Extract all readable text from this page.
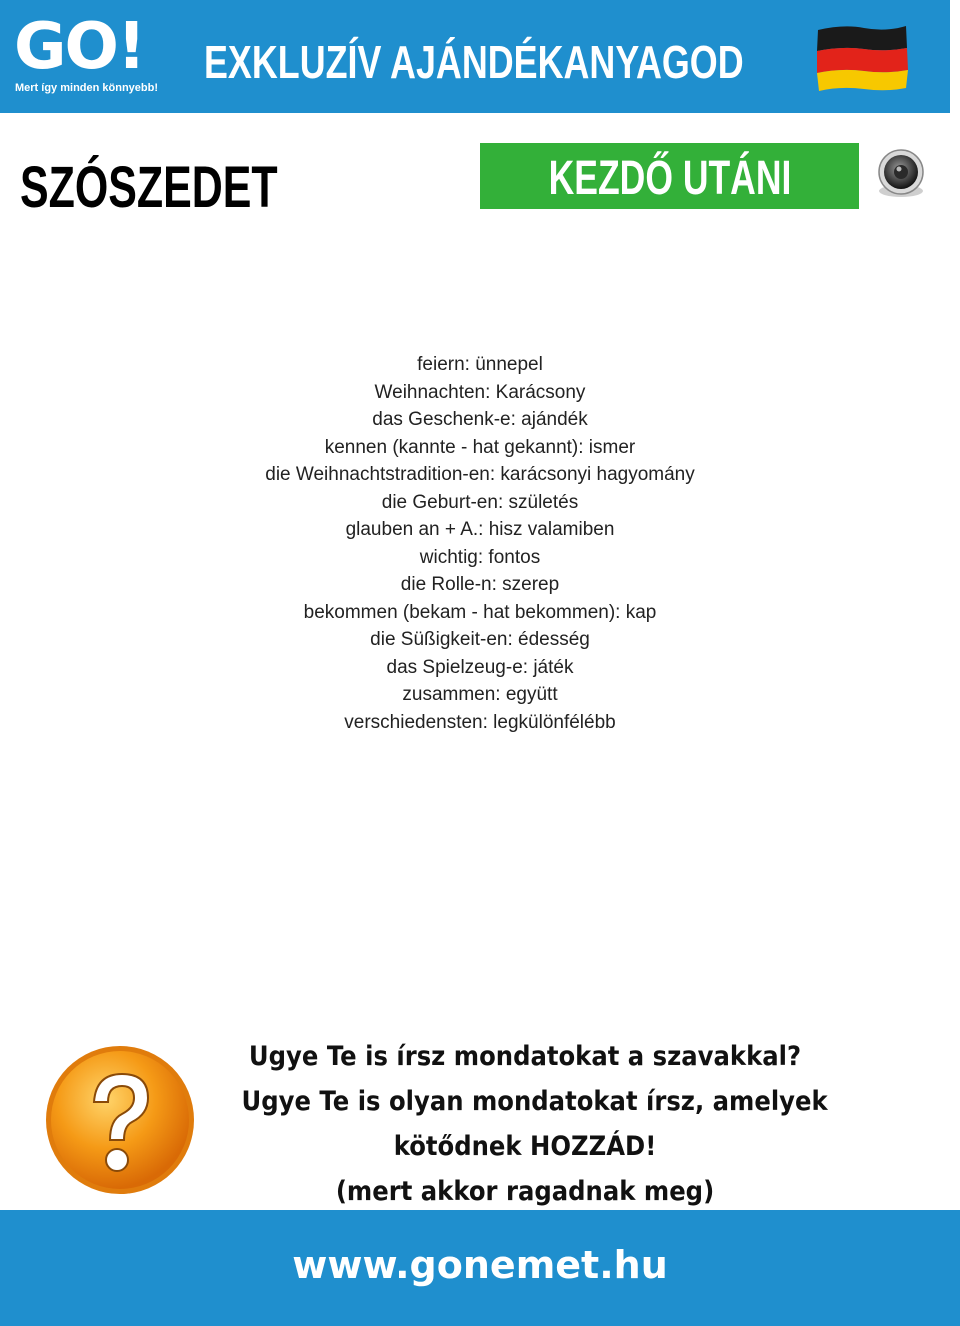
GO!
Mert így minden könnyebb! EXKLUZÍV AJÁNDÉKANYAGOD
SZÓSZEDET	KEZDŐ UTÁNI
feiern: ünnepel
Weihnachten: Karácsony
das Geschenk-e: ajándék
kennen (kannte - hat gekannt): ismer
die Weihnachtstradition-en: karácsonyi hagyomány
die Geburt-en: születés
glauben an + A.: hisz valamiben
wichtig: fontos
die Rolle-n: szerep
bekommen (bekam - hat bekommen): kap
die Süßigkeit-en: édesség
das Spielzeug-e: játék
zusammen: együtt
verschiedensten: legkülönfélébb
Ugye Te is írsz mondatokat a szavakkal?
Ugye Te is olyan mondatokat írsz, amelyek
kötődnek HOZZÁD!
(mert akkor ragadnak meg)
www.gonemet.hu
